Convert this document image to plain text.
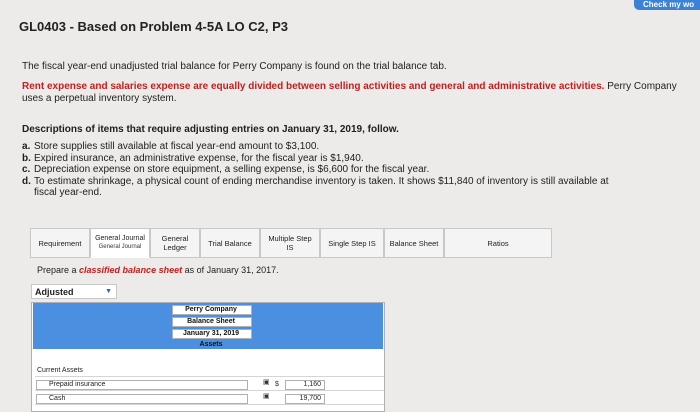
Check my wo
GL0403 - Based on Problem 4-5A LO C2, P3
The fiscal year-end unadjusted trial balance for Perry Company is found on the trial balance tab.
Rent expense and salaries expense are equally divided between selling activities and general and administrative activities. Perry Company uses a perpetual inventory system.
Descriptions of items that require adjusting entries on January 31, 2019, follow.
a. Store supplies still available at fiscal year-end amount to $3,100.
b. Expired insurance, an administrative expense, for the fiscal year is $1,940.
c. Depreciation expense on store equipment, a selling expense, is $6,600 for the fiscal year.
d. To estimate shrinkage, a physical count of ending merchandise inventory is taken. It shows $11,840 of inventory is still available at
fiscal year-end.
Requirement	General Journal
General Journal
General Ledger	Trial Balance	Multiple Step IS	Single Step IS	Balance Sheet	Ratios
Prepare a classified balance sheet as of January 31, 2017.
Adjusted	▼
Perry Company
Balance Sheet
January 31, 2019
Assets
Current Assets
Prepaid insurance	▣ $	1,160
Cash	▣	19,700
